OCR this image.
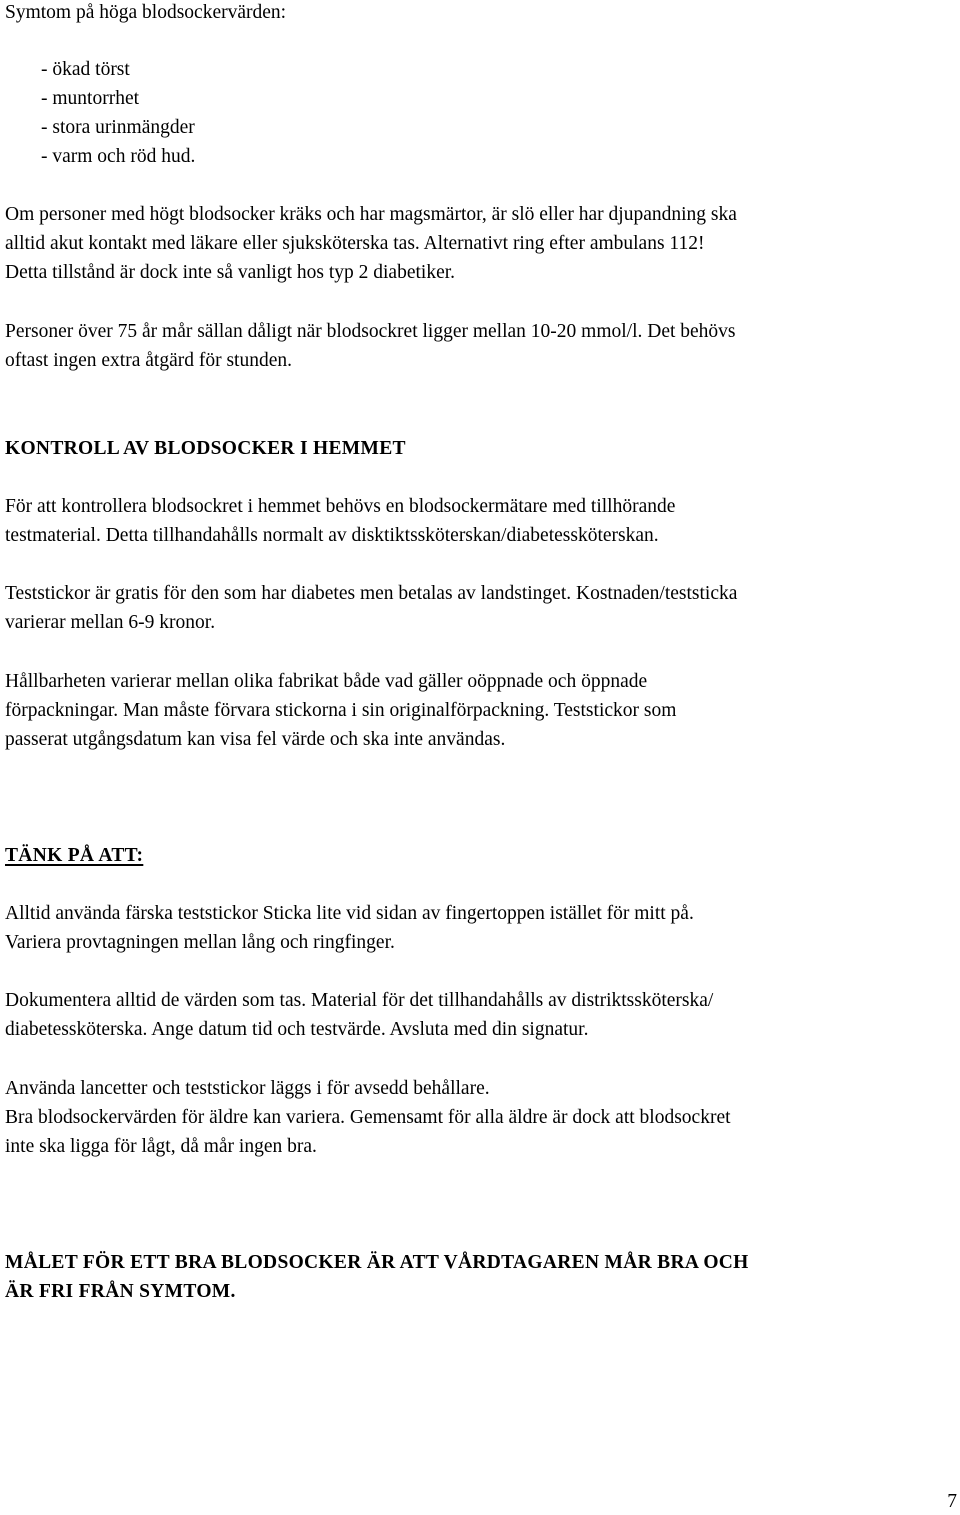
Symtom på höga blodsockervärden:
- ökad törst
- muntorrhet
- stora urinmängder
- varm och röd hud.
Om personer med högt blodsocker kräks och har magsmärtor, är slö eller har djupandning ska
alltid akut kontakt med läkare eller sjuksköterska tas. Alternativt ring efter ambulans 112!
Detta tillstånd är dock inte så vanligt hos typ 2 diabetiker.
Personer över 75 år mår sällan dåligt när blodsockret ligger mellan 10-20 mmol/l. Det behövs
oftast ingen extra åtgärd för stunden.
KONTROLL AV BLODSOCKER I HEMMET
För att kontrollera blodsockret i hemmet behövs en blodsockermätare med tillhörande
testmaterial. Detta tillhandahålls normalt av disktiktssköterskan/diabetessköterskan.
Teststickor är gratis för den som har diabetes men betalas av landstinget. Kostnaden/teststicka
varierar mellan 6-9 kronor.
Hållbarheten varierar mellan olika fabrikat både vad gäller oöppnade och öppnade
förpackningar. Man måste förvara stickorna i sin originalförpackning. Teststickor som
passerat utgångsdatum kan visa fel värde och ska inte användas.
TÄNK PÅ ATT:
Alltid använda färska teststickor Sticka lite vid sidan av fingertoppen istället för mitt på.
Variera provtagningen mellan lång och ringfinger.
Dokumentera alltid de värden som tas. Material för det tillhandahålls av distriktssköterska/
diabetessköterska. Ange datum tid och testvärde. Avsluta med din signatur.
Använda lancetter och teststickor läggs i för avsedd behållare.
Bra blodsockervärden för äldre kan variera. Gemensamt för alla äldre är dock att blodsockret
inte ska ligga för lågt, då mår ingen bra.
MÅLET FÖR ETT BRA BLODSOCKER ÄR ATT VÅRDTAGAREN MÅR BRA OCH
ÄR FRI FRÅN SYMTOM.
7
